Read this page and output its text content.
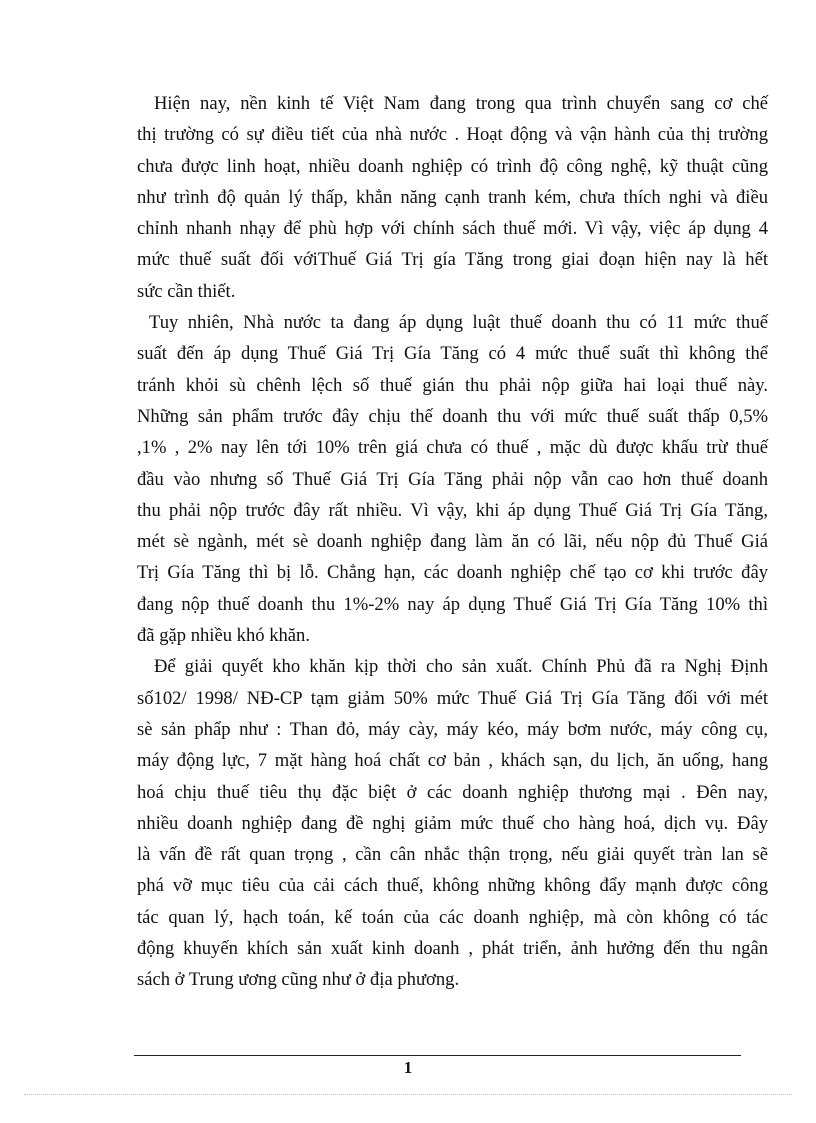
Hiện nay, nền kinh tế Việt Nam đang trong qua trình chuyển sang cơ chế

thị trường có sự điều tiết của nhà nước . Hoạt động và vận hành của thị trường

chưa được linh hoạt, nhiều doanh nghiệp có trình độ công nghệ, kỹ thuật cũng

như trình độ quản lý thấp, khẳn năng cạnh tranh kém, chưa thích nghi và điều

chỉnh nhanh nhạy để phù hợp với chính sách thuế mới. Vì vậy, việc áp dụng 4

mức thuế suất đối vớiThuế Giá Trị gía Tăng trong giai đoạn hiện nay là hết

sức cần thiết.

Tuy nhiên, Nhà nước ta đang áp dụng luật thuế doanh thu có 11 mức thuế

suất đến áp dụng Thuế Giá Trị Gía Tăng có 4 mức thuế suất thì không thể

tránh khỏi sù chênh lệch số thuế gián thu phải nộp giữa hai loại thuế này.

Những sản phẩm trước đây chịu thế doanh thu với mức thuế suất thấp 0,5%

,1% , 2% nay lên tới 10% trên giá chưa có thuế , mặc dù được khấu trừ thuế

đầu vào nhưng số Thuế Giá Trị Gía Tăng phải nộp vẫn cao hơn thuế doanh

thu phải nộp trước đây rất nhiều. Vì vậy, khi áp dụng Thuế Giá Trị Gía Tăng,

mét sè ngành, mét sè doanh nghiệp đang làm ăn có lãi, nếu nộp đủ Thuế Giá

Trị Gía Tăng thì bị lỗ. Chẳng hạn, các doanh nghiệp chế tạo cơ khi trước đây

đang nộp thuế doanh thu 1%-2% nay áp dụng Thuế Giá Trị Gía Tăng 10% thì

đã gặp nhiều khó khăn.

Để giải quyết kho khăn kịp thời cho sản xuất. Chính Phủ đã ra Nghị Định

số102/ 1998/ NĐ-CP tạm giảm 50% mức Thuế Giá Trị Gía Tăng đối với mét

sè sản phẩp như : Than đỏ, máy cày, máy kéo, máy bơm nước, máy công cụ,

máy động lực, 7 mặt hàng hoá chất cơ bản , khách sạn, du lịch, ăn uống, hang

hoá chịu thuế tiêu thụ đặc biệt ở các doanh nghiệp thương mại . Đên nay,

nhiều doanh nghiệp đang đề nghị giảm mức thuế cho hàng hoá, dịch vụ. Đây

là vấn đề rất quan trọng , cần cân nhắc thận trọng, nếu giải quyết tràn lan sẽ

phá vỡ mục tiêu của cải cách thuế, không những không đẩy mạnh được công

tác quan lý, hạch toán, kế toán của các doanh nghiệp, mà còn không có tác

động khuyến khích sản xuất kinh doanh , phát triển, ảnh hưởng đến thu ngân

sách ở Trung ương cũng như ở địa phương.

1
